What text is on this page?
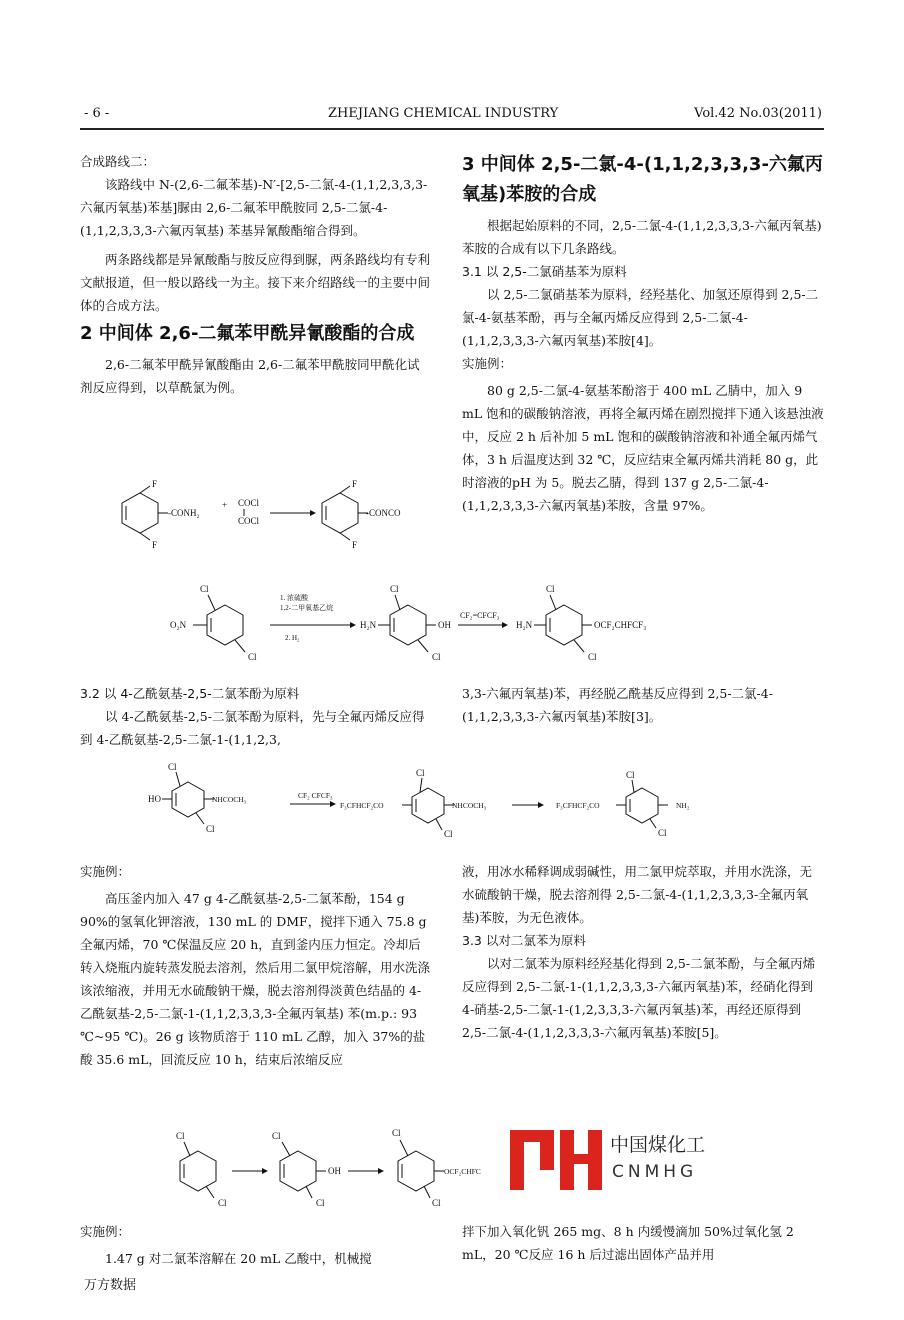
- 6 -	ZHEJIANG CHEMICAL INDUSTRY	Vol.42 No.03(2011)

合成路线二：

该路线中 N-(2,6-二氟苯基)-N′-[2,5-二氯-4-(1,1,2,3,3,3-六氟丙氧基)苯基]脲由 2,6-二氟苯甲酰胺同 2,5-二氯-4-(1,1,2,3,3,3-六氟丙氧基) 苯基异氰酸酯缩合得到。

两条路线都是异氰酸酯与胺反应得到脲，两条路线均有专利文献报道，但一般以路线一为主。接下来介绍路线一的主要中间体的合成方法。

2 中间体 2,6-二氟苯甲酰异氰酸酯的合成

2,6-二氟苯甲酰异氰酸酯由 2,6-二氟苯甲酰胺同甲酰化试剂反应得到，以草酰氯为例。

3 中间体 2,5-二氯-4-(1,1,2,3,3,3-六氟丙氧基)苯胺的合成

根据起始原料的不同，2,5-二氯-4-(1,1,2,3,3,3-六氟丙氧基)苯胺的合成有以下几条路线。

3.1 以 2,5-二氯硝基苯为原料

以 2,5-二氯硝基苯为原料，经羟基化、加氢还原得到 2,5-二氯-4-氨基苯酚，再与全氟丙烯反应得到 2,5-二氯-4-(1,1,2,3,3,3-六氟丙氧基)苯胺[4]。

实施例：

80 g 2,5-二氯-4-氨基苯酚溶于 400 mL 乙腈中，加入 9 mL 饱和的碳酸钠溶液，再将全氟丙烯在剧烈搅拌下通入该悬浊液中，反应 2 h 后补加 5 mL 饱和的碳酸钠溶液和补通全氟丙烯气体，3 h 后温度达到 32 ℃，反应结束全氟丙烯共消耗 80 g，此时溶液的pH 为 5。脱去乙腈，得到 137 g 2,5-二氯-4-(1,1,2,3,3,3-六氟丙氧基)苯胺，含量 97%。

-CONH₂
F
F
+ COCl
COCl
-CONCO
F
F
Cl
O₂N
Cl
1. 浓硫酸
1,2-二甲氧基乙烷
2. H₂
H₂N
Cl
OH
Cl
CF₂=CFCF₃
H₂N
Cl
OCF₂CHFCF₃
Cl

3.2 以 4-乙酰氨基-2,5-二氯苯酚为原料

以 4-乙酰氨基-2,5-二氯苯酚为原料，先与全氟丙烯反应得到 4-乙酰氨基-2,5-二氯-1-(1,1,2,3,

3,3-六氟丙氧基)苯，再经脱乙酰基反应得到 2,5-二氯-4-(1,1,2,3,3,3-六氟丙氧基)苯胺[3]。

HO
Cl
NHCOCH₃
Cl
CF₂ CFCF₃
F₃CFHCF₂CO
Cl
NHCOCH₃
Cl
F₃CFHCF₂CO
Cl
NH₂
Cl

实施例：

高压釜内加入 47 g 4-乙酰氨基-2,5-二氯苯酚，154 g 90%的氢氧化钾溶液，130 mL 的 DMF，搅拌下通入 75.8 g 全氟丙烯，70 ℃保温反应 20 h，直到釜内压力恒定。冷却后转入烧瓶内旋转蒸发脱去溶剂，然后用二氯甲烷溶解，用水洗涤该浓缩液，并用无水硫酸钠干燥，脱去溶剂得淡黄色结晶的 4-乙酰氨基-2,5-二氯-1-(1,1,2,3,3,3-全氟丙氧基) 苯(m.p.: 93 ℃~95 ℃)。26 g 该物质溶于 110 mL 乙醇，加入 37%的盐酸 35.6 mL，回流反应 10 h，结束后浓缩反应

液，用冰水稀释调成弱碱性，用二氯甲烷萃取，并用水洗涤，无水硫酸钠干燥，脱去溶剂得 2,5-二氯-4-(1,1,2,3,3,3-全氟丙氧基)苯胺，为无色液体。

3.3 以对二氯苯为原料

以对二氯苯为原料经羟基化得到 2,5-二氯苯酚，与全氟丙烯反应得到 2,5-二氯-1-(1,1,2,3,3,3-六氟丙氧基)苯，经硝化得到 4-硝基-2,5-二氯-1-(1,2,3,3,3-六氟丙氧基)苯，再经还原得到 2,5-二氯-4-(1,1,2,3,3,3-六氟丙氧基)苯胺[5]。

Cl
Cl
Cl
OH
Cl
Cl
OCF₂CHFC
Cl
中国煤化工
CNMHG

实施例：

1.47 g 对二氯苯溶解在 20 mL 乙酸中，机械搅

万方数据

拌下加入氧化钒 265 mg、8 h 内缓慢滴加 50%过氧化氢 2 mL，20 ℃反应 16 h 后过滤出固体产品并用
